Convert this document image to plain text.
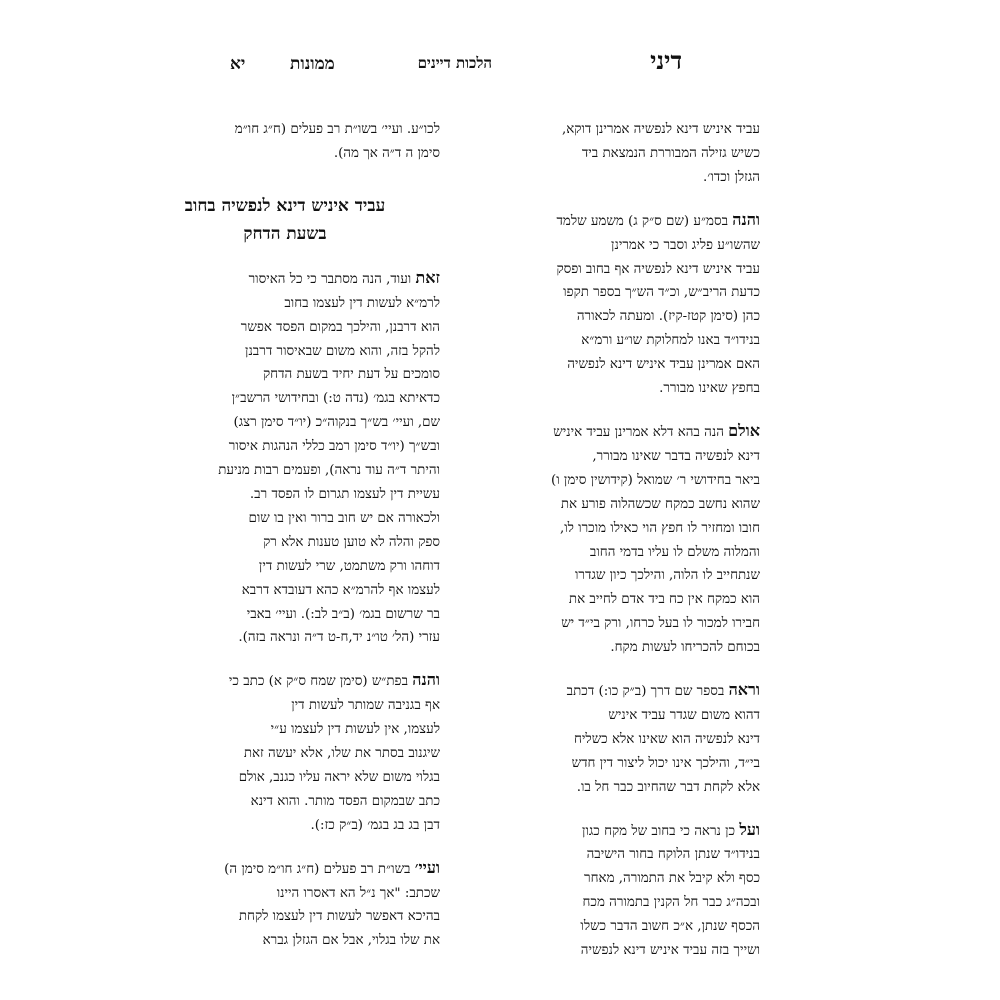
דיני
הלכות דיינים
ממונות
יא
עביד איניש דינא לנפשיה אמרינן דוקא,
כשיש גזילה המבוררת הנמצאת ביד
הגזלן וכדו׳.
והנה בסמ״ע (שם ס״ק ג) משמע שלמד
שהשו״ע פליג וסבר כי אמרינן
עביד איניש דינא לנפשיה אף בחוב ופסק
כדעת הריב״ש, וכ״ד הש״ך בספר תקפו
כהן (סימן קטז-קיז). ומעתה לכאורה
בנידו״ד באנו למחלוקת שו״ע ורמ״א
האם אמרינן עביד איניש דינא לנפשיה
בחפץ שאינו מבורר.
אולם הנה בהא דלא אמרינן עביד איניש
דינא לנפשיה בדבר שאינו מבורר,
ביאר בחידושי ר׳ שמואל (קידושין סימן ו)
שהוא נחשב כמקח שכשהלוה פורע את
חובו ומחזיר לו חפץ הוי כאילו מוכרו לו,
והמלוה משלם לו עליו בדמי החוב
שנתחייב לו הלוה, והילכך כיון שגדרו
הוא כמקח אין כח ביד אדם לחייב את
חבירו למכור לו בעל כרחו, ורק בי״ד יש
בכוחם להכריחו לעשות מקח.
וראה בספר שם דרך (ב״ק כו:) דכתב
דהוא משום שגדר עביד איניש
דינא לנפשיה הוא שאינו אלא כשליח
בי״ד, והילכך אינו יכול ליצור דין חדש
אלא לקחת דבר שהחיוב כבר חל בו.
ועל כן נראה כי בחוב של מקח כגון
בנידו״ד שנתן הלוקח בחור הישיבה
כסף ולא קיבל את התמורה, מאחר
ובכה״ג כבר חל הקנין בתמורה מכח
הכסף שנתן, א״כ חשוב הדבר כשלו
ושייך בזה עביד איניש דינא לנפשיה
לכו״ע. ועיי׳ בשו״ת רב פעלים (ח״ג חו״מ
סימן ה ד״ה אך מה).
עביד איניש דינא לנפשיה בחוב
בשעת הדחק
זאת ועוד, הנה מסתבר כי כל האיסור
לרמ״א לעשות דין לעצמו בחוב
הוא דרבנן, והילכך במקום הפסד אפשר
להקל בזה, והוא משום שבאיסור דרבנן
סומכים על דעת יחיד בשעת הדחק
כדאיתא בגמ׳ (נדה ט:) ובחידושי הרשב״ן
שם, ועיי׳ בש״ך בנקוה״כ (יו״ד סימן רצג)
ובש״ך (יו״ד סימן רמב כללי הנהגות איסור
והיתר ד״ה עוד נראה), ופעמים רבות מניעת
עשיית דין לעצמו תגרום לו הפסד רב.
ולכאורה אם יש חוב ברור ואין בו שום
ספק והלה לא טוען טענות אלא רק
דוחהו ורק משתמט, שרי לעשות דין
לעצמו אף להרמ״א כהא דעובדא דרבא
בר שרשום בגמ׳ (ב״ב לב:). ועיי׳ באבי
עזרי (הל׳ טו״נ יד,ח-ט ד״ה ונראה בזה).
והנה בפת״ש (סימן שמח ס״ק א) כתב כי
אף בגניבה שמותר לעשות דין
לעצמו, אין לעשות דין לעצמו ע״י
שיגנוב בסתר את שלו, אלא יעשה זאת
בגלוי משום שלא יראה עליו כגנב, אולם
כתב שבמקום הפסד מותר. והוא דינא
דבן בג בג בגמ׳ (ב״ק כז:).
ועיי׳ בשו״ת רב פעלים (ח״ג חו״מ סימן ה)
שכתב: "אך נ״ל הא דאסרו היינו
בהיכא דאפשר לעשות דין לעצמו לקחת
את שלו בגלוי, אבל אם הגזלן גברא
